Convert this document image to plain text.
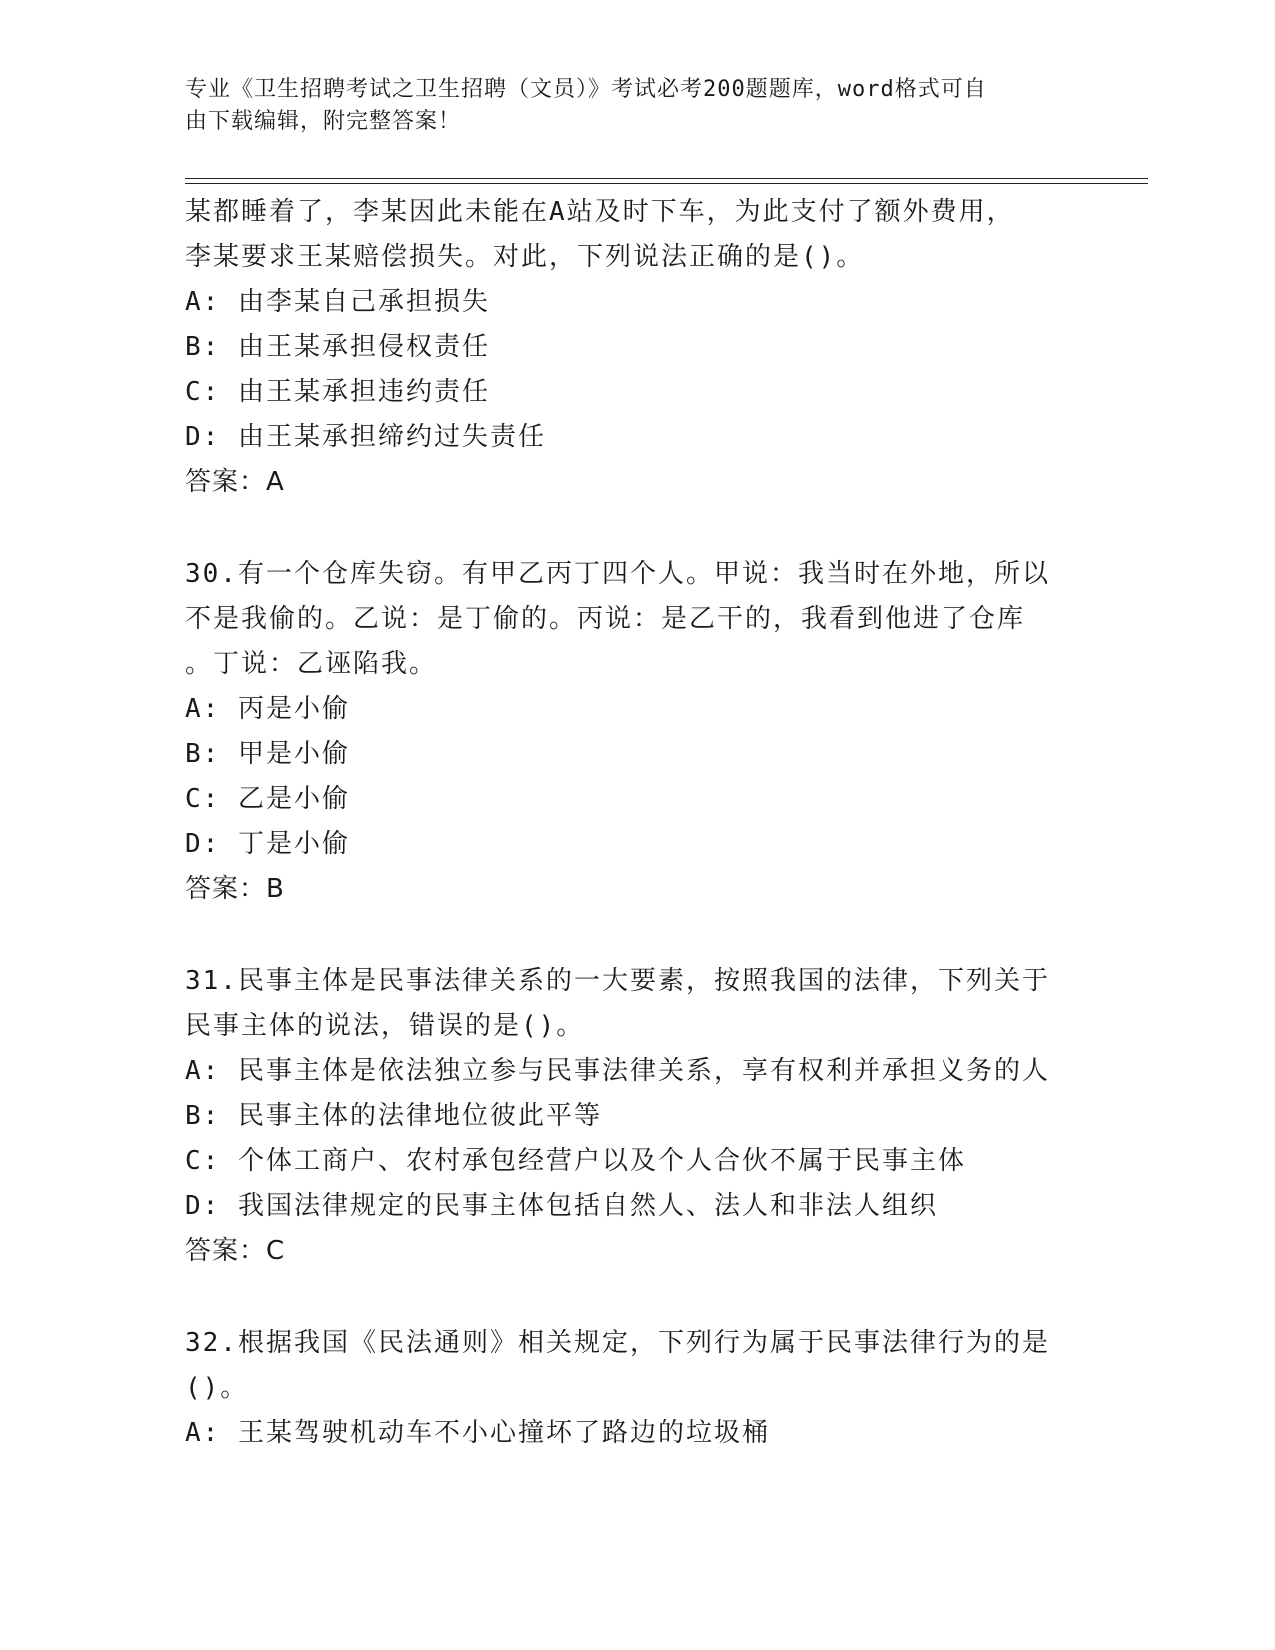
专业《卫生招聘考试之卫生招聘（文员）》考试必考200题题库，word格式可自
由下载编辑，附完整答案！
某都睡着了，李某因此未能在A站及时下车，为此支付了额外费用，
李某要求王某赔偿损失。对此，下列说法正确的是()。
A: 由李某自己承担损失
B: 由王某承担侵权责任
C: 由王某承担违约责任
D: 由王某承担缔约过失责任
答案：A
30.有一个仓库失窃。有甲乙丙丁四个人。甲说：我当时在外地，所以
不是我偷的。乙说：是丁偷的。丙说：是乙干的，我看到他进了仓库
。丁说：乙诬陷我。
A: 丙是小偷
B: 甲是小偷
C: 乙是小偷
D: 丁是小偷
答案：B
31.民事主体是民事法律关系的一大要素，按照我国的法律，下列关于
民事主体的说法，错误的是()。
A: 民事主体是依法独立参与民事法律关系，享有权利并承担义务的人
B: 民事主体的法律地位彼此平等
C: 个体工商户、农村承包经营户以及个人合伙不属于民事主体
D: 我国法律规定的民事主体包括自然人、法人和非法人组织
答案：C
32.根据我国《民法通则》相关规定，下列行为属于民事法律行为的是
()。
A: 王某驾驶机动车不小心撞坏了路边的垃圾桶
